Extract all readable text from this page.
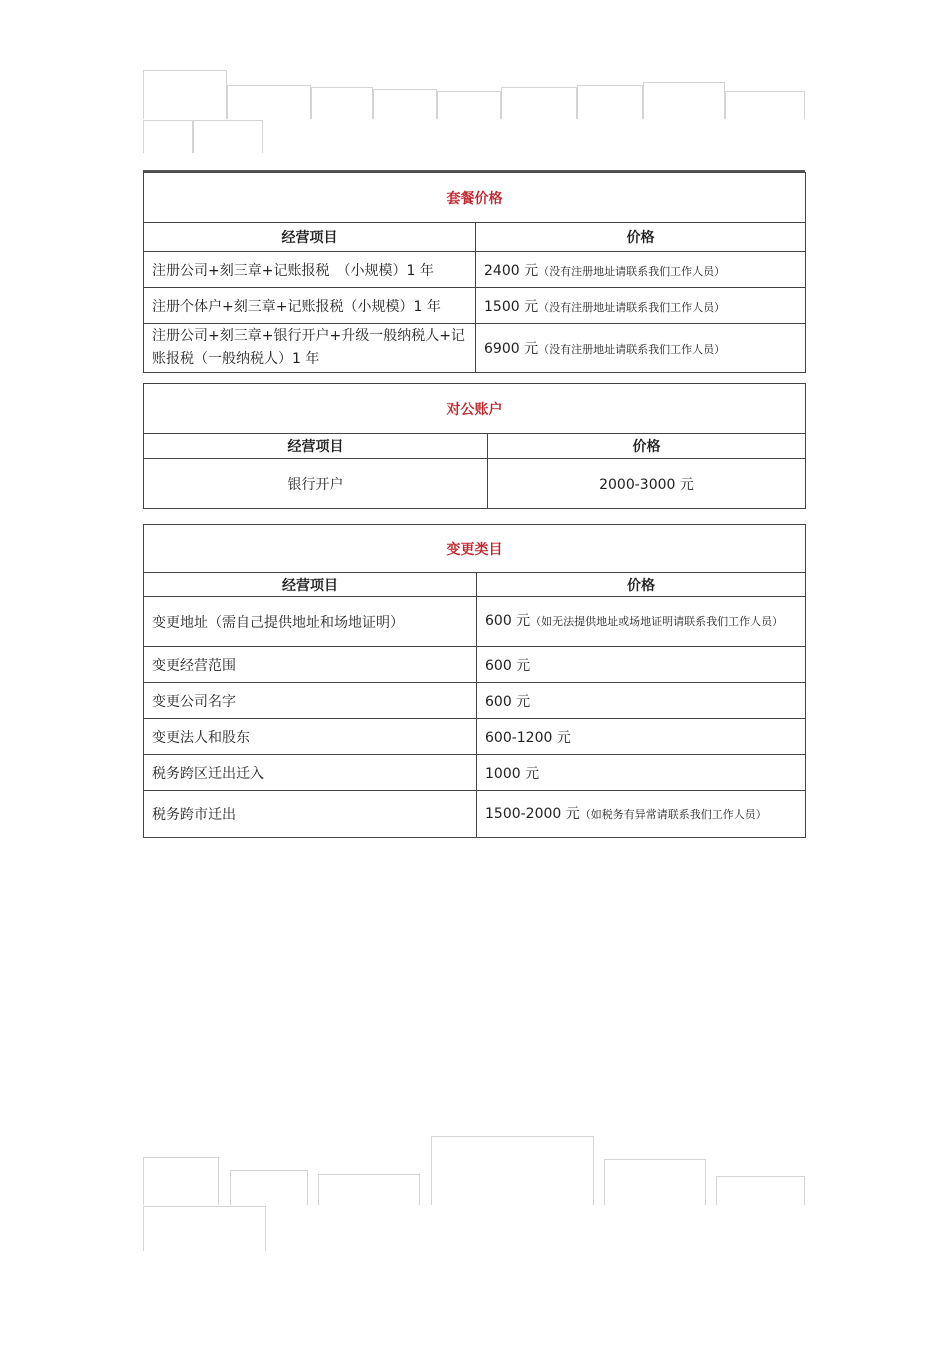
套餐价格	
经营项目	价格
注册公司+刻三章+记账报税　（小规模）1 年	2400 元（没有注册地址请联系我们工作人员）
注册个体户+刻三章+记账报税（小规模）1 年	1500 元（没有注册地址请联系我们工作人员）
注册公司+刻三章+银行开户+升级一般纳税人+记账报税（一般纳税人）1 年	6900 元（没有注册地址请联系我们工作人员）
对公账户	
经营项目	价格
银行开户	2000-3000 元
变更类目	
经营项目	价格
变更地址（需自己提供地址和场地证明）	600 元（如无法提供地址或场地证明请联系我们工作人员）
变更经营范围	600 元
变更公司名字	600 元
变更法人和股东	600-1200 元
税务跨区迁出迁入	1000 元
税务跨市迁出	1500-2000 元（如税务有异常请联系我们工作人员）
